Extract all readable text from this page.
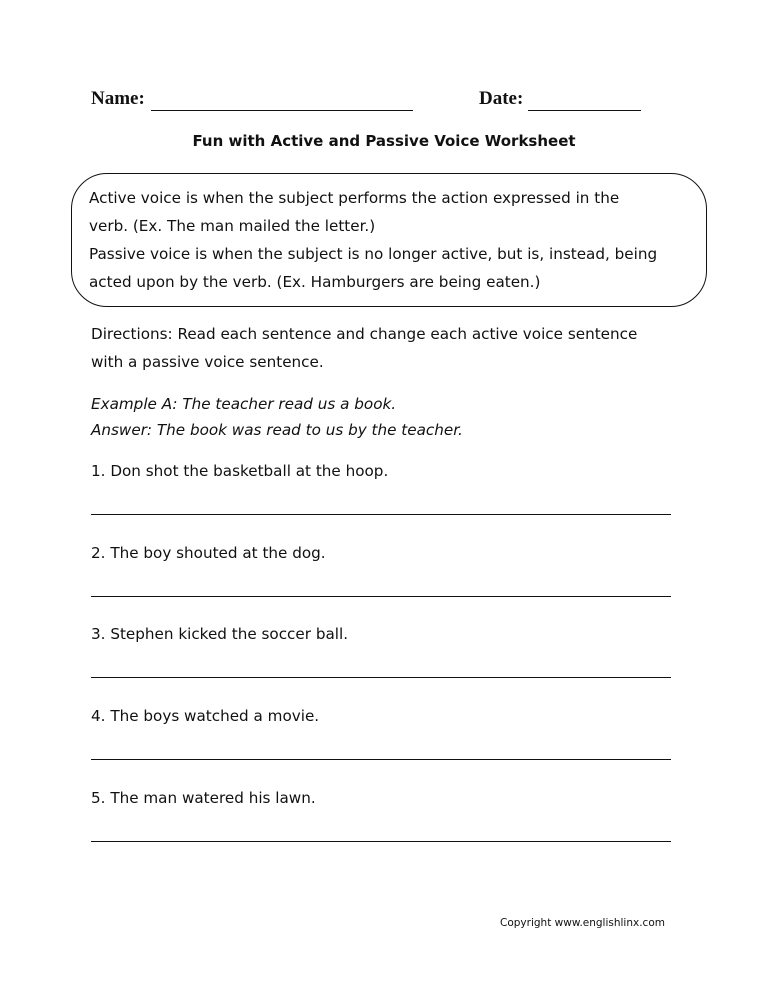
Name:	Date:
Fun with Active and Passive Voice Worksheet

Active voice is when the subject performs the action expressed in the

verb. (Ex. The man mailed the letter.)

Passive voice is when the subject is no longer active, but is, instead, being

acted upon by the verb. (Ex. Hamburgers are being eaten.)

Directions: Read each sentence and change each active voice sentence
with a passive voice sentence.
Example A: The teacher read us a book.
Answer: The book was read to us by the teacher.
1. Don shot the basketball at the hoop.
2. The boy shouted at the dog.
3. Stephen kicked the soccer ball.
4. The boys watched a movie.
5. The man watered his lawn.
Copyright www.englishlinx.com
